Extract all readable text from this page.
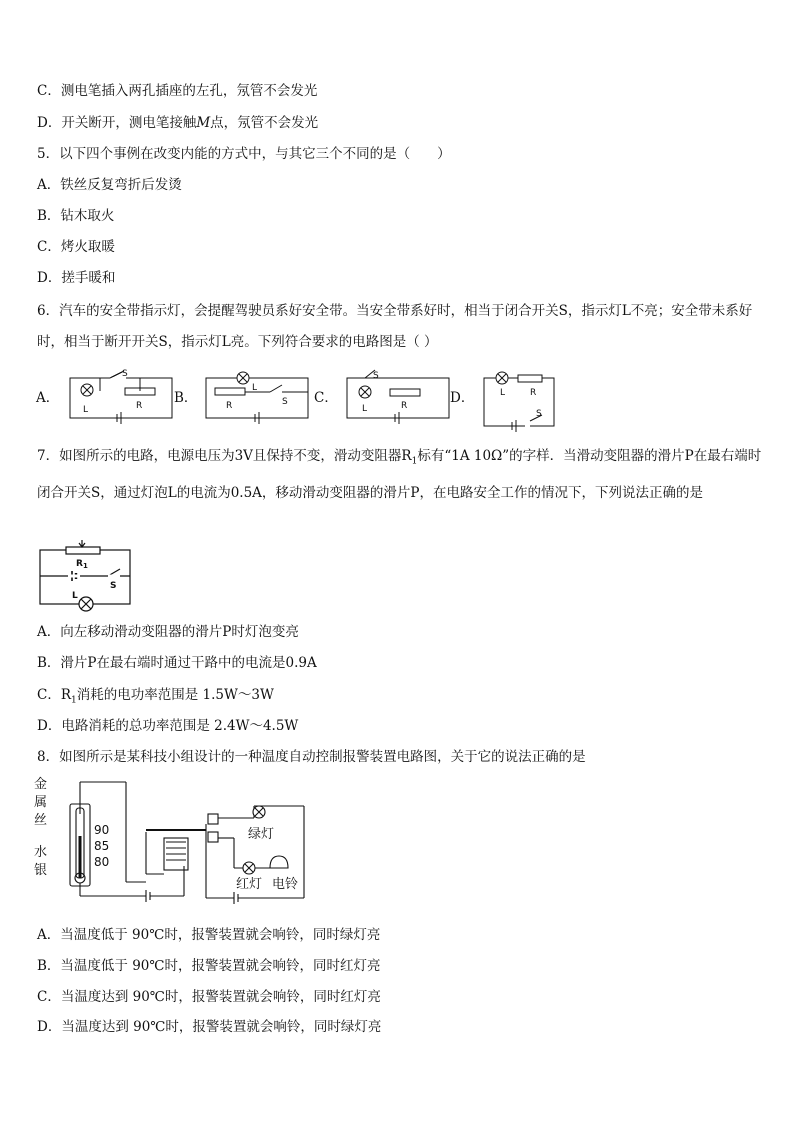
C．测电笔插入两孔插座的左孔，氖管不会发光
D．开关断开，测电笔接触M点，氖管不会发光
5．以下四个事例在改变内能的方式中，与其它三个不同的是（　　）
A．铁丝反复弯折后发烫
B．钻木取火
C．烤火取暖
D．搓手暖和
6．汽车的安全带指示灯，会提醒驾驶员系好安全带。当安全带系好时，相当于闭合开关S，指示灯L不亮；安全带未系好时，相当于断开开关S，指示灯L亮。下列符合要求的电路图是（ ）
A．
L	R
S
B．	R
L
S C．
S
L	R	D．	L	R
S
7．如图所示的电路，电源电压为3V且保持不变，滑动变阻器$R_1$标有“1A 10Ω”的字样．当滑动变阻器的滑片P在最右端时闭合开关S，通过灯泡L的电流为0.5A，移动滑动变阻器的滑片P，在电路安全工作的情况下，下列说法正确的是
$R_1$
S
L
A．向左移动滑动变阻器的滑片P时灯泡变亮
B．滑片P在最右端时通过干路中的电流是0.9A
C．$R_1$消耗的电功率范围是 1.5W～3W
D．电路消耗的总功率范围是 2.4W～4.5W
8．如图所示是某科技小组设计的一种温度自动控制报警装置电路图，关于它的说法正确的是
金
属
丝
水
银
90
85
80
绿灯
红灯 电铃
A．当温度低于 90℃时，报警装置就会响铃，同时绿灯亮
B．当温度低于 90℃时，报警装置就会响铃，同时红灯亮
C．当温度达到 90℃时，报警装置就会响铃，同时红灯亮
D．当温度达到 90℃时，报警装置就会响铃，同时绿灯亮
